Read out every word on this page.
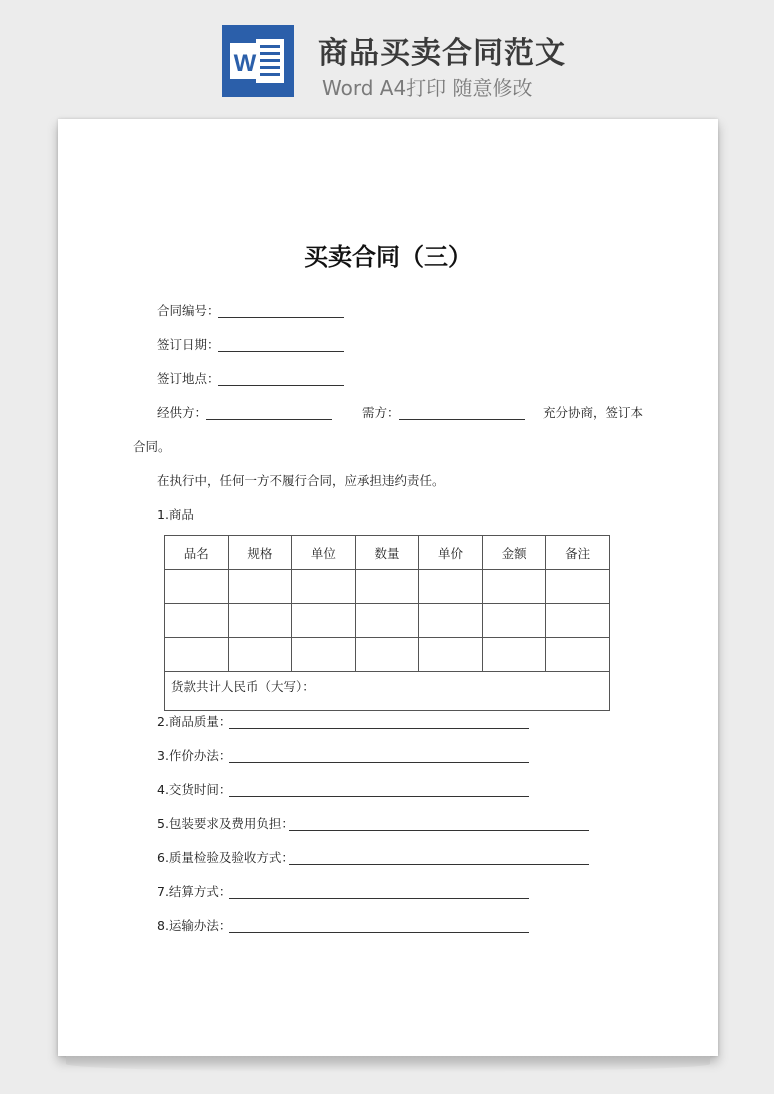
W 商品买卖合同范文
Word A4打印 随意修改
买卖合同（三）
合同编号：
签订日期：
签订地点：
经供方：	需方：	充分协商，签订本
合同。
在执行中，任何一方不履行合同，应承担违约责任。
1.商品
品名	规格	单位	数量	单价	金额	备注

货款共计人民币（大写）：						
2.商品质量：
3.作价办法：
4.交货时间：
5.包装要求及费用负担：
6.质量检验及验收方式：
7.结算方式：
8.运输办法：
